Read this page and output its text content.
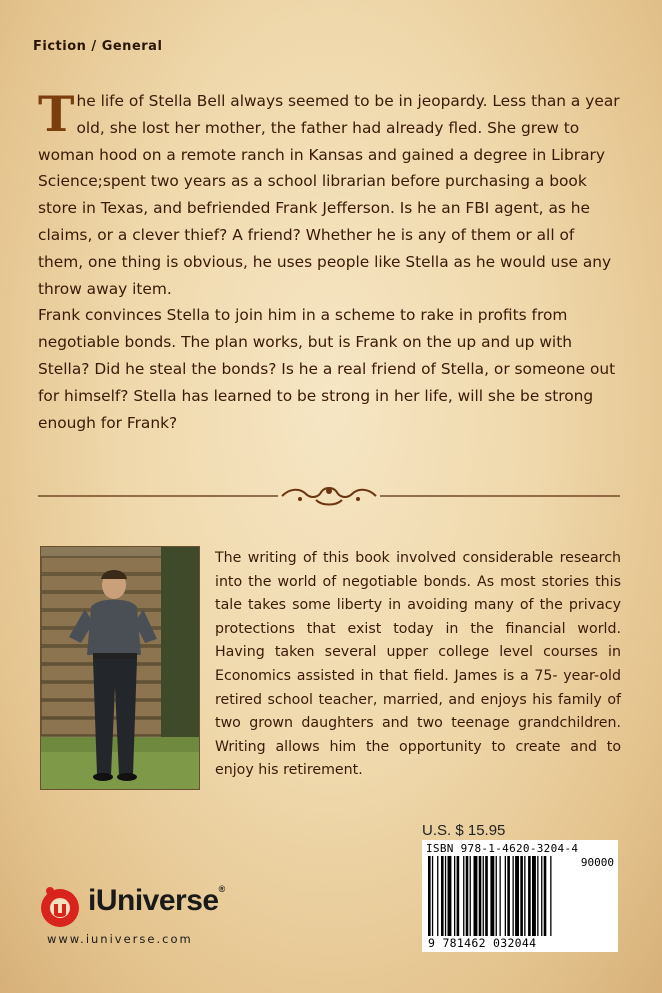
Fiction / General

The life of Stella Bell always seemed to be in jeopardy. Less than a year old, she lost her mother, the father had already fled. She grew to woman hood on a remote ranch in Kansas and gained a degree in Library Science;spent two years as a school librarian before purchasing a book store in Texas, and befriended Frank Jefferson. Is he an FBI agent, as he claims, or a clever thief? A friend? Whether he is any of them or all of them, one thing is obvious, he uses people like Stella as he would use any throw away item.

Frank convinces Stella to join him in a scheme to rake in profits from negotiable bonds. The plan works, but is Frank on the up and up with Stella? Did he steal the bonds? Is he a real friend of Stella, or someone out for himself? Stella has learned to be strong in her life, will she be strong enough for Frank?

The writing of this book involved considerable research into the world of negotiable bonds. As most stories this tale takes some liberty in avoiding many of the privacy protections that exist today in the financial world. Having taken several upper college level courses in Economics assisted in that field. James is a 75- year-old retired school teacher, married, and enjoys his family of two grown daughters and two teenage grandchildren. Writing allows him the opportunity to create and to enjoy his retirement.

U.S. $ 15.95
ISBN 978-1-4620-3204-4
90000
9 781462 032044
iUniverse®
www.iuniverse.com
